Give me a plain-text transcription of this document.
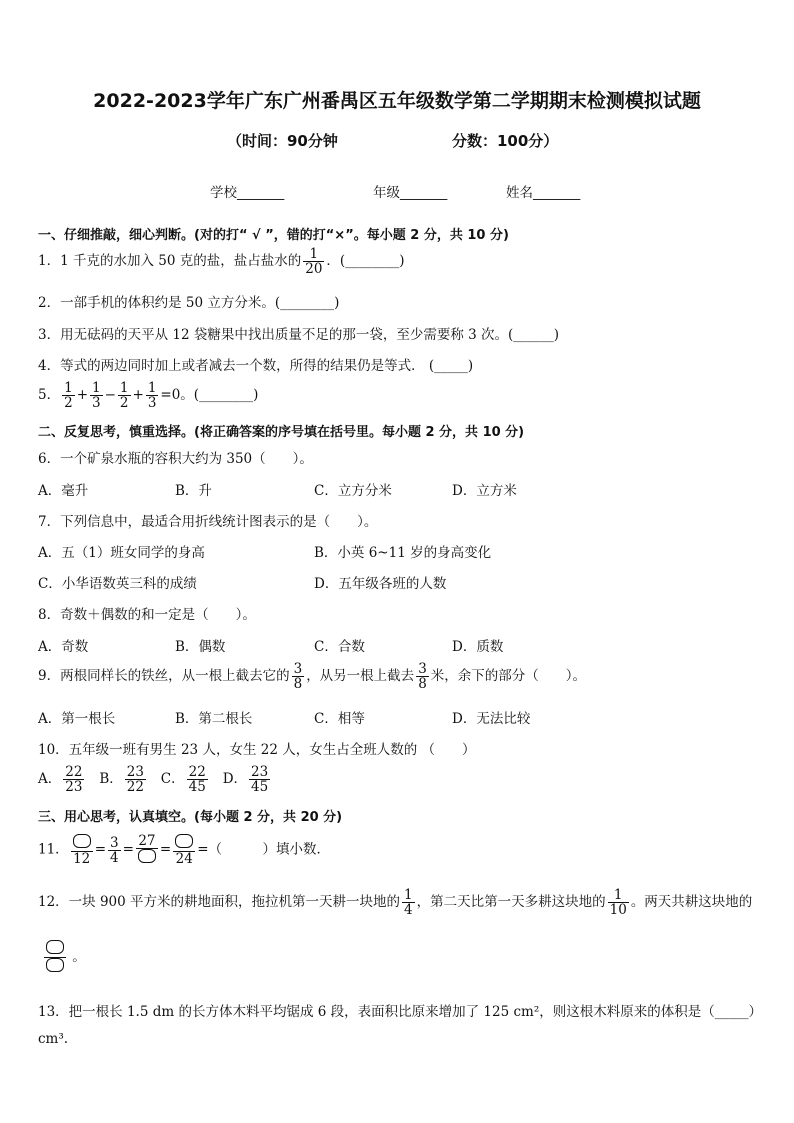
2022-2023学年广东广州番禺区五年级数学第二学期期末检测模拟试题
（时间：90分钟	分数：100分）
学校_______	年级_______	姓名_______
一、仔细推敲，细心判断。(对的打“ √ ”，错的打“×”。每小题 2 分，共 10 分)
1．1 千克的水加入 50 克的盐，盐占盐水的 $\frac{1}{20}$ ．(________)
2．一部手机的体积约是 50 立方分米。(________)
3．用无砝码的天平从 12 袋糖果中找出质量不足的那一袋，至少需要称 3 次。(______)
4．等式的两边同时加上或者减去一个数，所得的结果仍是等式． (_____)
5． $\frac{1}{2} + \frac{1}{3} - \frac{1}{2} + \frac{1}{3} =0$。(________)
二、反复思考，慎重选择。(将正确答案的序号填在括号里。每小题 2 分，共 10 分)
6．一个矿泉水瓶的容积大约为 350（　　）。
A．毫升	B．升	C．立方分米	D．立方米
7．下列信息中，最适合用折线统计图表示的是（　　）。
A．五（1）班女同学的身高	B．小英 6~11 岁的身高变化
C．小华语数英三科的成绩	D．五年级各班的人数
8．奇数＋偶数的和一定是（　　）。
A．奇数	B．偶数	C．合数	D．质数
9．两根同样长的铁丝，从一根上截去它的 $\frac{3}{8}$ ，从另一根上截去 $\frac{3}{8}$ 米，余下的部分（　　）。
A．第一根长	B．第二根长	C．相等	D．无法比较
10．五年级一班有男生 23 人，女生 22 人，女生占全班人数的 （　　）
A． $\frac{22}{23}$ B． $\frac{23}{22}$ C． $\frac{22}{45}$ D． $\frac{23}{45}$
三、用心思考，认真填空。(每小题 2 分，共 20 分)
11．
12
= $\frac{3}{4}$ =
27
=
24
=（　　　）填小数．
12．一块 900 平方米的耕地面积，拖拉机第一天耕一块地的 $\frac{1}{4}$ ，第二天比第一天多耕这块地的 $\frac{1}{10}$ 。两天共耕这块地的
。
13．把一根长 1.5 dm 的长方体木料平均锯成 6 段，表面积比原来增加了 125 cm²，则这根木料原来的体积是（_____）
cm³.
